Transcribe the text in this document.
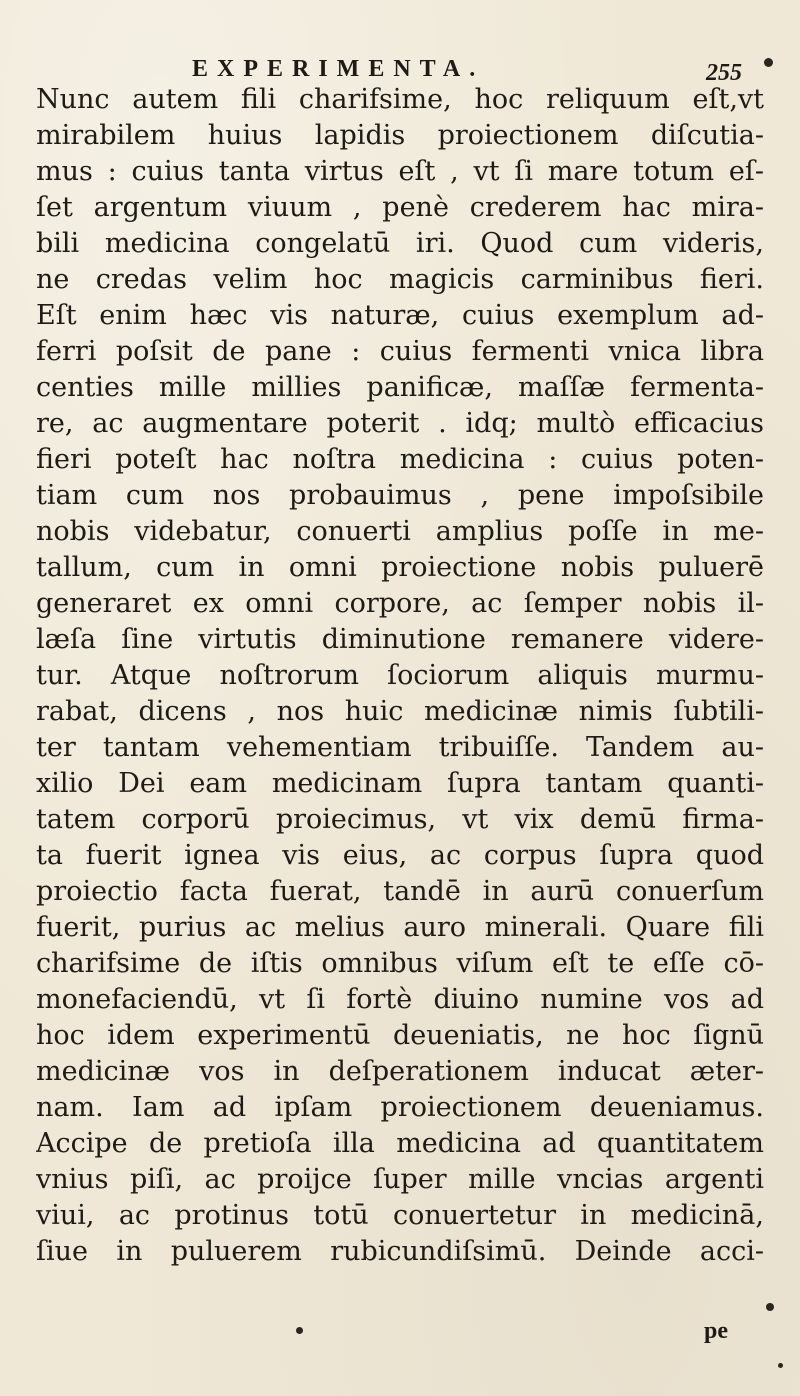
EXPERIMENTA.	255
Nunc autem fili charifsime, hoc reliquum eſt,vt
mirabilem huius lapidis proiectionem diſcutia-
mus : cuius tanta virtus eſt , vt ſi mare totum eſ-
ſet argentum viuum , penè crederem hac mira-
bili medicina congelatū iri. Quod cum videris,
ne credas velim hoc magicis carminibus fieri.
Eſt enim hæc vis naturæ, cuius exemplum ad-
ferri poſsit de pane : cuius fermenti vnica libra
centies mille millies panificæ, maſſæ fermenta-
re, ac augmentare poterit . idq; multò efficacius
fieri poteſt hac noſtra medicina : cuius poten-
tiam cum nos probauimus , pene impoſsibile
nobis videbatur, conuerti amplius poſſe in me-
tallum, cum in omni proiectione nobis puluerē
generaret ex omni corpore, ac ſemper nobis il-
læſa ſine virtutis diminutione remanere videre-
tur. Atque noſtrorum ſociorum aliquis murmu-
rabat, dicens , nos huic medicinæ nimis ſubtili-
ter tantam vehementiam tribuiſſe. Tandem au-
xilio Dei eam medicinam ſupra tantam quanti-
tatem corporū proiecimus, vt vix demū firma-
ta fuerit ignea vis eius, ac corpus ſupra quod
proiectio facta fuerat, tandē in aurū conuerſum
fuerit, purius ac melius auro minerali. Quare fili
charifsime de iſtis omnibus viſum eſt te eſſe cō-
monefaciendū, vt ſi fortè diuino numine vos ad
hoc idem experimentū deueniatis, ne hoc ſignū
medicinæ vos in deſperationem inducat æter-
nam. Iam ad ipſam proiectionem deueniamus.
Accipe de pretioſa illa medicina ad quantitatem
vnius piſi, ac proijce ſuper mille vncias argenti
viui, ac protinus totū conuertetur in medicinā,
ſiue in puluerem rubicundiſsimū. Deinde acci-
pe
